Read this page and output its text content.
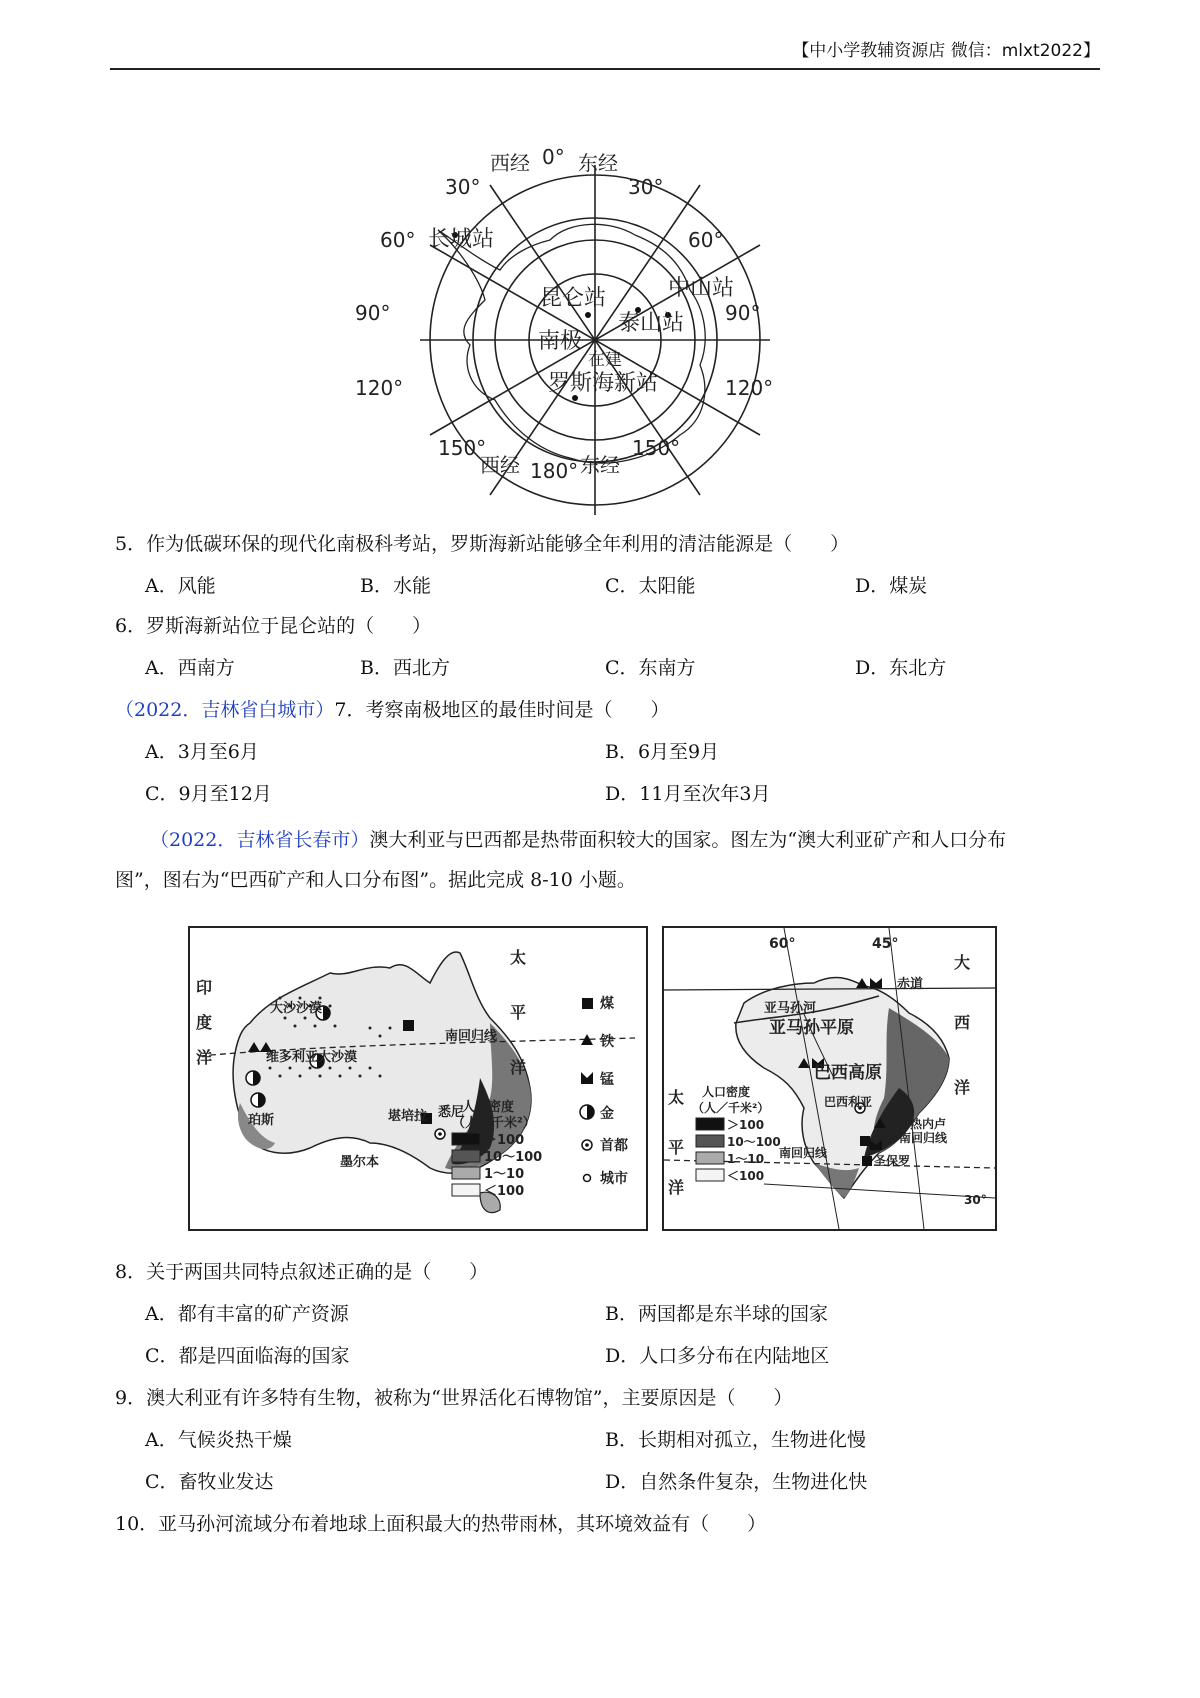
【中小学教辅资源店 微信：mlxt2022】
西经 0° 东经
30°	30°
60°	60°
90°	90°
120°	120°
150°	150°
西经 180° 东经
长城站
昆仑站	中山站
泰山站
南极
在建
罗斯海新站
5．作为低碳环保的现代化南极科考站，罗斯海新站能够全年利用的清洁能源是（　　）
A．风能	B．水能	C．太阳能	D．煤炭
6．罗斯海新站位于昆仑站的（　　）
A．西南方	B．西北方	C．东南方	D．东北方
（2022．吉林省白城市）7．考察南极地区的最佳时间是（　　）
A．3月至6月	B．6月至9月
C．9月至12月	D．11月至次年3月
（2022．吉林省长春市）澳大利亚与巴西都是热带面积较大的国家。图左为“澳大利亚矿产和人口分布
图”，图右为“巴西矿产和人口分布图”。据此完成 8-10 小题。
印
度
洋
太
平
洋
大沙沙漠
维多利亚大沙漠
南回归线
珀斯	堪培拉 悉尼
墨尔本
人口密度
（人／千米²）
＞100
10～100
1～10
＜100
煤
铁
锰
金
首都
城市
60°	45°
大
西
洋
太
平
洋
赤道
亚马孙河
亚马孙平原
巴西高原
巴西利亚
里约热内卢
南回归线
南回归线
圣保罗
30°
人口密度
（人／千米²）
＞100
10～100
1～10
＜100
8．关于两国共同特点叙述正确的是（　　）
A．都有丰富的矿产资源	B．两国都是东半球的国家
C．都是四面临海的国家	D．人口多分布在内陆地区
9．澳大利亚有许多特有生物，被称为“世界活化石博物馆”，主要原因是（　　）
A．气候炎热干燥	B．长期相对孤立，生物进化慢
C．畜牧业发达	D．自然条件复杂，生物进化快
10．亚马孙河流域分布着地球上面积最大的热带雨林，其环境效益有（　　）
